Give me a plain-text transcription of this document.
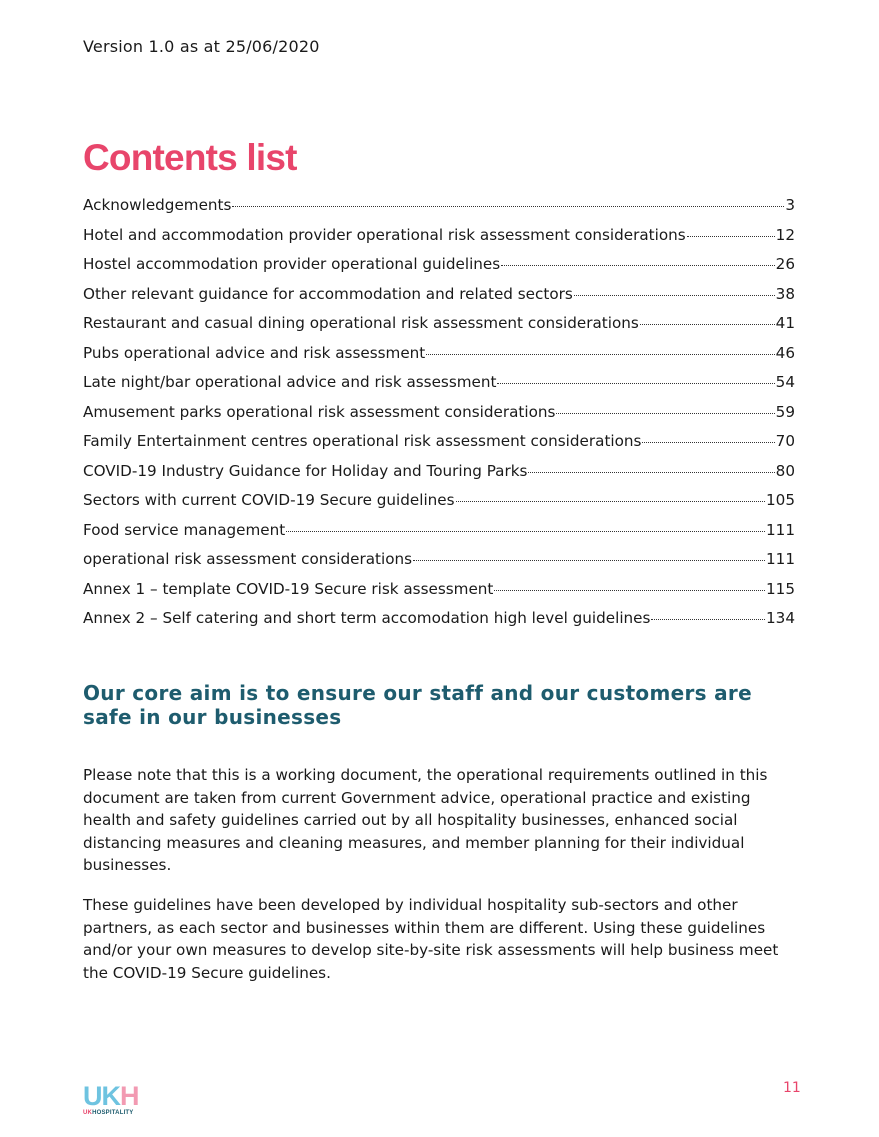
Version 1.0 as at 25/06/2020
Contents list
Acknowledgements	3
Hotel and accommodation provider operational risk assessment considerations	12
Hostel accommodation provider operational guidelines	26
Other relevant guidance for accommodation and related sectors	38
Restaurant and casual dining operational risk assessment considerations	41
Pubs operational advice and risk assessment	46
Late night/bar operational advice and risk assessment	54
Amusement parks operational risk assessment considerations	59
Family Entertainment centres operational risk assessment considerations	70
COVID-19 Industry Guidance for Holiday and Touring Parks	80
Sectors with current COVID-19 Secure guidelines	105
Food service management	111
operational risk assessment considerations	111
Annex 1 – template COVID-19 Secure risk assessment	115
Annex 2 – Self catering and short term accomodation high level guidelines	134
Our core aim is to ensure our staff and our customers are safe in our businesses

Please note that this is a working document, the operational requirements outlined in this document are taken from current Government advice, operational practice and existing health and safety guidelines carried out by all hospitality businesses, enhanced social distancing measures and cleaning measures, and member planning for their individual businesses.

These guidelines have been developed by individual hospitality sub-sectors and other partners, as each sector and businesses within them are different. Using these guidelines and/or your own measures to develop site-by-site risk assessments will help business meet the COVID-19 Secure guidelines.

UKH
UKHOSPITALITY
11
